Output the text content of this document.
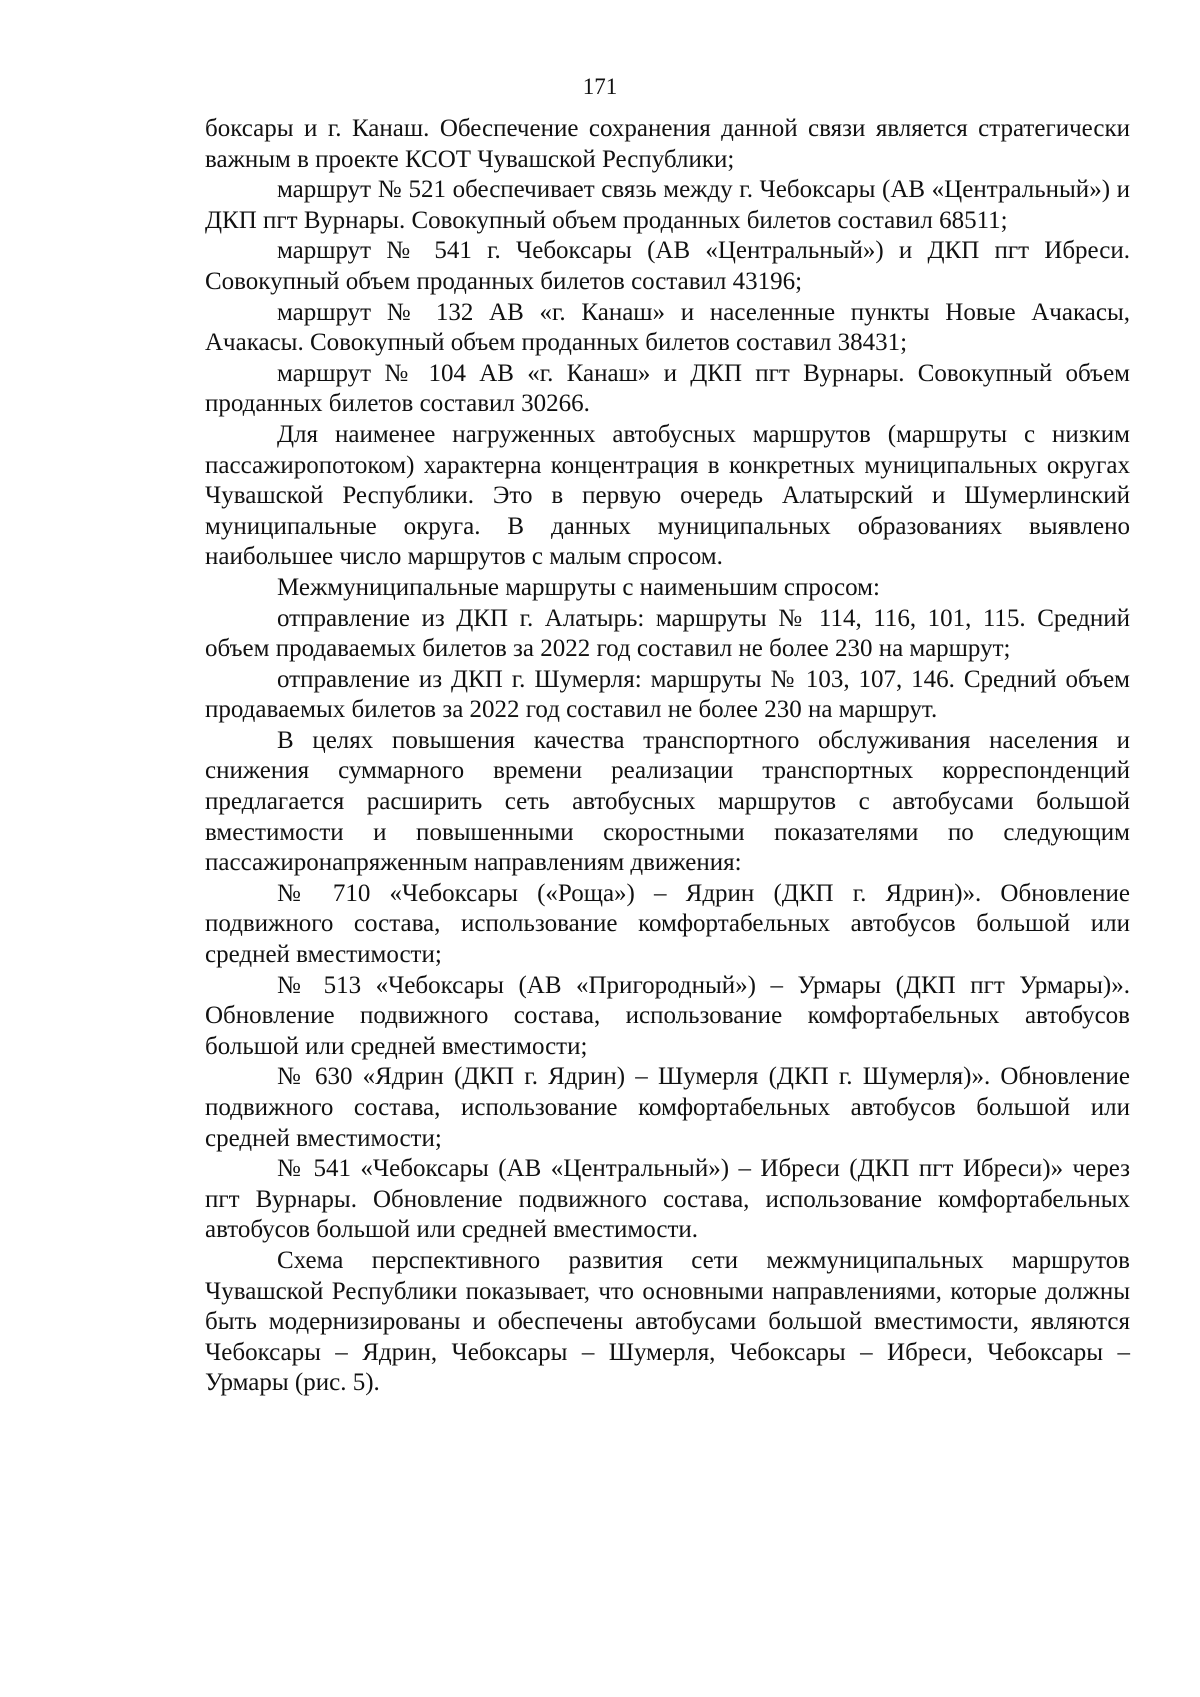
171

боксары и г. Канаш. Обеспечение сохранения данной связи является стратегически важным в проекте КСОТ Чувашской Республики;

маршрут № 521 обеспечивает связь между г. Чебоксары (АВ «Центральный») и ДКП пгт Вурнары. Совокупный объем проданных билетов составил 68511;

маршрут № 541 г. Чебоксары (АВ «Центральный») и ДКП пгт Ибреси. Совокупный объем проданных билетов составил 43196;

маршрут № 132 АВ «г. Канаш» и населенные пункты Новые Ачакасы, Ачакасы. Совокупный объем проданных билетов составил 38431;

маршрут № 104 АВ «г. Канаш» и ДКП пгт Вурнары. Совокупный объем проданных билетов составил 30266.

Для наименее нагруженных автобусных маршрутов (маршруты с низким пассажиропотоком) характерна концентрация в конкретных муниципальных округах Чувашской Республики. Это в первую очередь Алатырский и Шумерлинский муниципальные округа. В данных муниципальных образованиях выявлено наибольшее число маршрутов с малым спросом.

Межмуниципальные маршруты с наименьшим спросом:

отправление из ДКП г. Алатырь: маршруты № 114, 116, 101, 115. Средний объем продаваемых билетов за 2022 год составил не более 230 на маршрут;

отправление из ДКП г. Шумерля: маршруты № 103, 107, 146. Средний объем продаваемых билетов за 2022 год составил не более 230 на маршрут.

В целях повышения качества транспортного обслуживания населения и снижения суммарного времени реализации транспортных корреспонденций предлагается расширить сеть автобусных маршрутов с автобусами большой вместимости и повышенными скоростными показателями по следующим пассажиронапряженным направлениям движения:

№ 710 «Чебоксары («Роща») – Ядрин (ДКП г. Ядрин)». Обновление подвижного состава, использование комфортабельных автобусов большой или средней вместимости;

№ 513 «Чебоксары (АВ «Пригородный») – Урмары (ДКП пгт Урмары)». Обновление подвижного состава, использование комфортабельных автобусов большой или средней вместимости;

№ 630 «Ядрин (ДКП г. Ядрин) – Шумерля (ДКП г. Шумерля)». Обновление подвижного состава, использование комфортабельных автобусов большой или средней вместимости;

№ 541 «Чебоксары (АВ «Центральный») – Ибреси (ДКП пгт Ибреси)» через пгт Вурнары. Обновление подвижного состава, использование комфортабельных автобусов большой или средней вместимости.

Схема перспективного развития сети межмуниципальных маршрутов Чувашской Республики показывает, что основными направлениями, которые должны быть модернизированы и обеспечены автобусами большой вместимости, являются Чебоксары – Ядрин, Чебоксары – Шумерля, Чебоксары – Ибреси, Чебоксары – Урмары (рис. 5).
